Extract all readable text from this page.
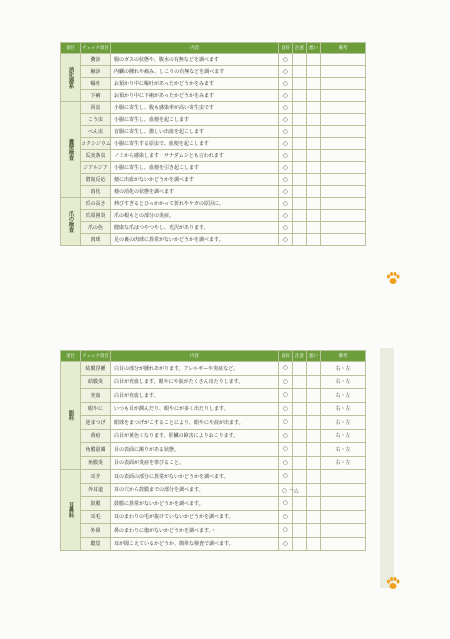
項目	チェック項目	内容	良好	注意	悪い	備考
消化器系	糞診	腸のガスの状態や、腹水の有無などを調べます	○			
	触診	内臓の腫れや痛み、しこりの有無などを調べます	○			
	嘔吐	お預かり中に嘔吐があったかどうかをみます	○			
	下痢	お預かり中に下痢があったかどうかをみます	○			
糞便検査	回虫	小腸に寄生し、腹も感染率が高い寄生虫です	○			
	こう虫	小腸に寄生し、血便を起こします	○			
	べん虫	盲腸に寄生し、激しい出血を起こします	○			
	コクシジウム	小腸に寄生する原虫で、血便を起こします	○			
	瓜実条虫	ノミから感染します　サナダムシとも言われます	○			
	ジアルジア	小腸に寄生し、血便を引き起こします	○			
	潜血反応	便に出血がないかどうかを調べます	○			
	消化	便の消化の状態を調べます	○			
爪の検査	爪の長さ	伸びすぎるとひっかかって折れやケガの原因に。	○			
	爪周囲炎	爪の根もとの部分の炎症。	○			
	爪の色	健康な爪はつやつやし、光沢があります。	○			
	肉球	足の裏の肉球に異常がないかどうかを調べます。	○			
項目	チェック項目	内容	良好	注意	悪い	備考
眼科	結膜浮腫	白目の部分が腫れあがります。アレルギーや炎症など。	○			右・左
	結膜炎	白目が充血します。眼やにや涙がたくさん出たりします。	○			右・左
	充血	白目が充血します。	○			右・左
	眼やに	いつも目が潤んだり、眼やにが多く出たりします。	○			右・左
	逆まつげ	眼球をまつげがこすることにより、眼やにや涙が出ます。	○			右・左
	黄疸	白目が黄色くなります。肝臓の障害によりおこります。	○			右・左
	角膜混濁	目の表面に濁りがある状態。	○			右・左
	角膜炎	目の表面が炎症を帯びること。	○			右・左
耳鼻科	耳介	耳の表面の部分に異常がないかどうかを調べます。	○			
	外耳道	耳の穴から鼓膜までの部分を調べます。	○ 〜△			
	鼓膜	鼓膜に異常がないかどうかを調べます。	○			
	耳毛	耳のまわりの毛が抜けていないかどうかを調べます。	○			
	外鼻	鼻のまわりに傷がないかどうかを調べます。・	○			
	聴覚	耳が聞こえているかどうか、簡単な検査で調べます。	○			
